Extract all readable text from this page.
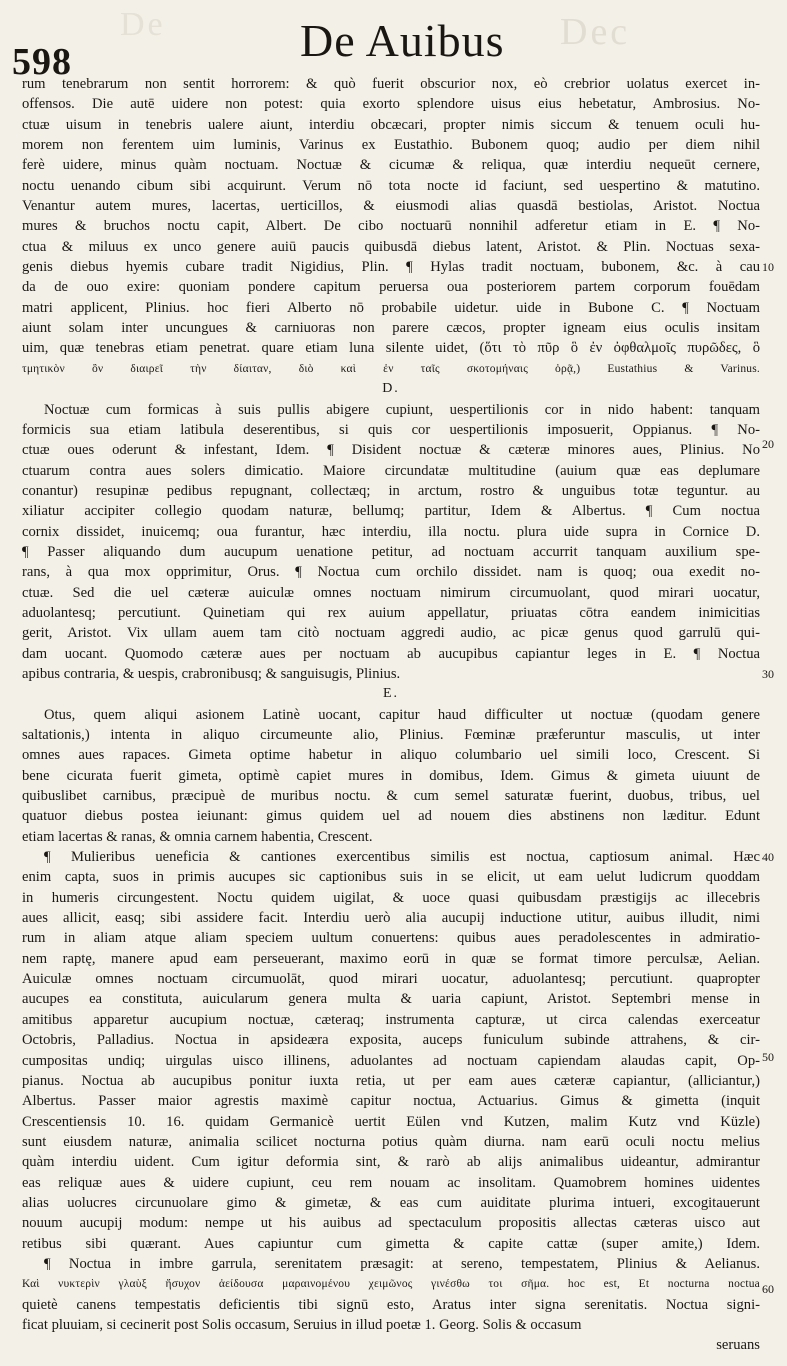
De
598	De Auibus Dec
10
20
30
40
50
60
rum tenebrarum non sentit horrorem: & quò fuerit obscurior nox, eò crebrior uolatus exercet in-
offensos. Die autē uidere non potest: quia exorto splendore uisus eius hebetatur, Ambrosius. No-
ctuæ uisum in tenebris ualere aiunt, interdiu obcæcari, propter nimis siccum & tenuem oculi hu-
morem non ferentem uim luminis, Varinus ex Eustathio. Bubonem quoq; audio per diem nihil
ferè uidere, minus quàm noctuam. Noctuæ & cicumæ & reliqua, quæ interdiu nequeūt cernere,
noctu uenando cibum sibi acquirunt. Verum nō tota nocte id faciunt, sed uespertino & matutino.
Venantur autem mures, lacertas, uerticillos, & eiusmodi alias quasdā bestiolas, Aristot. Noctua
mures & bruchos noctu capit, Albert. De cibo noctuarū nonnihil adferetur etiam in E. ¶ No-
ctua & miluus ex unco genere auiū paucis quibusdā diebus latent, Aristot. & Plin. Noctuas sexa-
genis diebus hyemis cubare tradit Nigidius, Plin. ¶ Hylas tradit noctuam, bubonem, &c. à cau
da de ouo exire: quoniam pondere capitum peruersa oua posteriorem partem corporum fouēdam
matri applicent, Plinius. hoc fieri Alberto nō probabile uidetur. uide in Bubone C. ¶ Noctuam
aiunt solam inter uncungues & carniuoras non parere cæcos, propter igneam eius oculis insitam
uim, quæ tenebras etiam penetrat. quare etiam luna silente uidet, (ὅτι τὸ πῦρ ὃ ἐν ὀφθαλμοῖς πυρῶδες, ὃ
τμητικὸν ὂν διαιρεῖ τὴν δίαιταν, διὸ καὶ ἐν ταῖς σκοτομήναις ὁρᾷ,) Eustathius & Varinus.
D.
Noctuæ cum formicas à suis pullis abigere cupiunt, uespertilionis cor in nido habent: tanquam
formicis sua etiam latibula deserentibus, si quis cor uespertilionis imposuerit, Oppianus. ¶ No-
ctuæ oues oderunt & infestant, Idem. ¶ Disident noctuæ & cæteræ minores aues, Plinius. No
ctuarum contra aues solers dimicatio. Maiore circundatæ multitudine (auium quæ eas deplumare
conantur) resupinæ pedibus repugnant, collectæq; in arctum, rostro & unguibus totæ teguntur. au
xiliatur accipiter collegio quodam naturæ, bellumq; partitur, Idem & Albertus. ¶ Cum noctua
cornix dissidet, inuicemq; oua furantur, hæc interdiu, illa noctu. plura uide supra in Cornice D.
¶ Passer aliquando dum aucupum uenatione petitur, ad noctuam accurrit tanquam auxilium spe-
rans, à qua mox opprimitur, Orus. ¶ Noctua cum orchilo dissidet. nam is quoq; oua exedit no-
ctuæ. Sed die uel cæteræ auiculæ omnes noctuam nimirum circumuolant, quod mirari uocatur,
aduolantesq; percutiunt. Quinetiam qui rex auium appellatur, priuatas cōtra eandem inimicitias
gerit, Aristot. Vix ullam auem tam citò noctuam aggredi audio, ac picæ genus quod garrulū qui-
dam uocant. Quomodo cæteræ aues per noctuam ab aucupibus capiantur leges in E. ¶ Noctua
apibus contraria, & uespis, crabronibusq; & sanguisugis, Plinius.
E.
Otus, quem aliqui asionem Latinè uocant, capitur haud difficulter ut noctuæ (quodam genere
saltationis,) intenta in aliquo circumeunte alio, Plinius. Fœminæ præferuntur masculis, ut inter
omnes aues rapaces. Gimeta optime habetur in aliquo columbario uel simili loco, Crescent. Si
bene cicurata fuerit gimeta, optimè capiet mures in domibus, Idem. Gimus & gimeta uiuunt de
quibuslibet carnibus, præcipuè de muribus noctu. & cum semel saturatæ fuerint, duobus, tribus, uel
quatuor diebus postea ieiunant: gimus quidem uel ad nouem dies abstinens non læditur. Edunt
etiam lacertas & ranas, & omnia carnem habentia, Crescent.
¶ Mulieribus ueneficia & cantiones exercentibus similis est noctua, captiosum animal. Hæc
enim capta, suos in primis aucupes sic captionibus suis in se elicit, ut eam uelut ludicrum quoddam
in humeris circungestent. Noctu quidem uigilat, & uoce quasi quibusdam præstigijs ac illecebris
aues allicit, easq; sibi assidere facit. Interdiu uerò alia aucupij inductione utitur, auibus illudit, nimi
rum in aliam atque aliam speciem uultum conuertens: quibus aues peradolescentes in admiratio-
nem raptę, manere apud eam perseuerant, maximo eorū in quæ se format timore perculsæ, Aelian.
Auiculæ omnes noctuam circumuolāt, quod mirari uocatur, aduolantesq; percutiunt. quapropter
aucupes ea constituta, auicularum genera multa & uaria capiunt, Aristot. Septembri mense in
amitibus apparetur aucupium noctuæ, cæteraq; instrumenta capturæ, ut circa calendas exerceatur
Octobris, Palladius. Noctua in apsideæra exposita, auceps funiculum subinde attrahens, & cir-
cumpositas undiq; uirgulas uisco illinens, aduolantes ad noctuam capiendam alaudas capit, Op-
pianus. Noctua ab aucupibus ponitur iuxta retia, ut per eam aues cæteræ capiantur, (alliciantur,)
Albertus. Passer maior agrestis maximè capitur noctua, Actuarius. Gimus & gimetta (inquit
Crescentiensis 10. 16. quidam Germanicè uertit Eülen vnd Kutzen, malim Kutz vnd Küzle)
sunt eiusdem naturæ, animalia scilicet nocturna potius quàm diurna. nam earū oculi noctu melius
quàm interdiu uident. Cum igitur deformia sint, & rarò ab alijs animalibus uideantur, admirantur
eas reliquæ aues & uidere cupiunt, ceu rem nouam ac insolitam. Quamobrem homines uidentes
alias uolucres circunuolare gimo & gimetæ, & eas cum auiditate plurima intueri, excogitauerunt
nouum aucupij modum: nempe ut his auibus ad spectaculum propositis allectas cæteras uisco aut
retibus sibi quærant. Aues capiuntur cum gimetta & capite cattæ (super amite,) Idem.
¶ Noctua in imbre garrula, serenitatem præsagit: at sereno, tempestatem, Plinius & Aelianus.
Καὶ νυκτερὶν γλαὺξ ἥσυχον ἀείδουσα μαραινομένου χειμῶνος γινέσθω τοι σῆμα. hoc est, Et nocturna noctua
quietè canens tempestatis deficientis tibi signū esto, Aratus inter signa serenitatis. Noctua signi-
ficat pluuiam, si cecinerit post Solis occasum, Seruius in illud poetæ 1. Georg. Solis & occasum
seruans
